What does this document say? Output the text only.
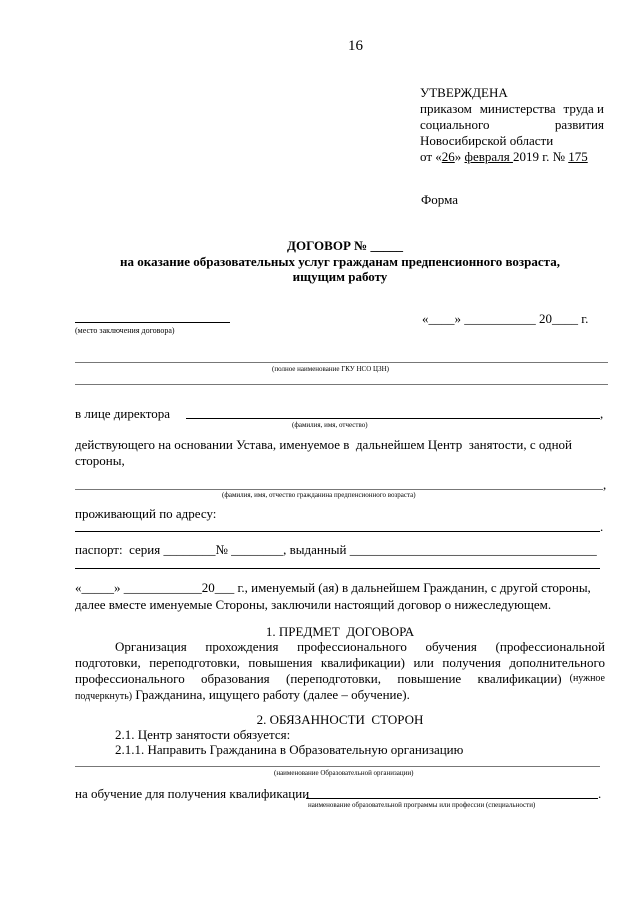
16
УТВЕРЖДЕНА
приказом министерства труда и
социального	развития
Новосибирской области
от «26» февраля 2019 г. № 175
Форма
ДОГОВОР № _____
на оказание образовательных услуг гражданам предпенсионного возраста,
ищущим работу
(место заключения договора)
«____» ___________ 20____ г.
(полное наименование ГКУ НСО ЦЗН)
в лице директора	,
(фамилия, имя, отчество)
действующего на основании Устава, именуемое в  дальнейшем Центр  занятости, с одной
стороны,
,
(фамилия, имя, отчество гражданина предпенсионного возраста)
проживающий по адресу:
.
паспорт:  серия ________№ ________, выданный ______________________________________
«_____» ____________20___ г., именуемый (ая) в дальнейшем Гражданин, с другой стороны,
далее вместе именуемые Стороны, заключили настоящий договор о нижеследующем.
1. ПРЕДМЕТ  ДОГОВОРА
Организация прохождения профессионального обучения (профессиональной
подготовки, переподготовки, повышения квалификации) или получения дополнительного
профессионального образования (переподготовки, повышение квалификации) (нужное
подчеркнуть) Гражданина, ищущего работу (далее – обучение).
2. ОБЯЗАННОСТИ  СТОРОН
2.1. Центр занятости обязуется:
2.1.1. Направить Гражданина в Образовательную организацию
(наименование Образовательной организации)
на обучение для получения квалификации	.
наименование образовательной программы или профессии (специальности)
